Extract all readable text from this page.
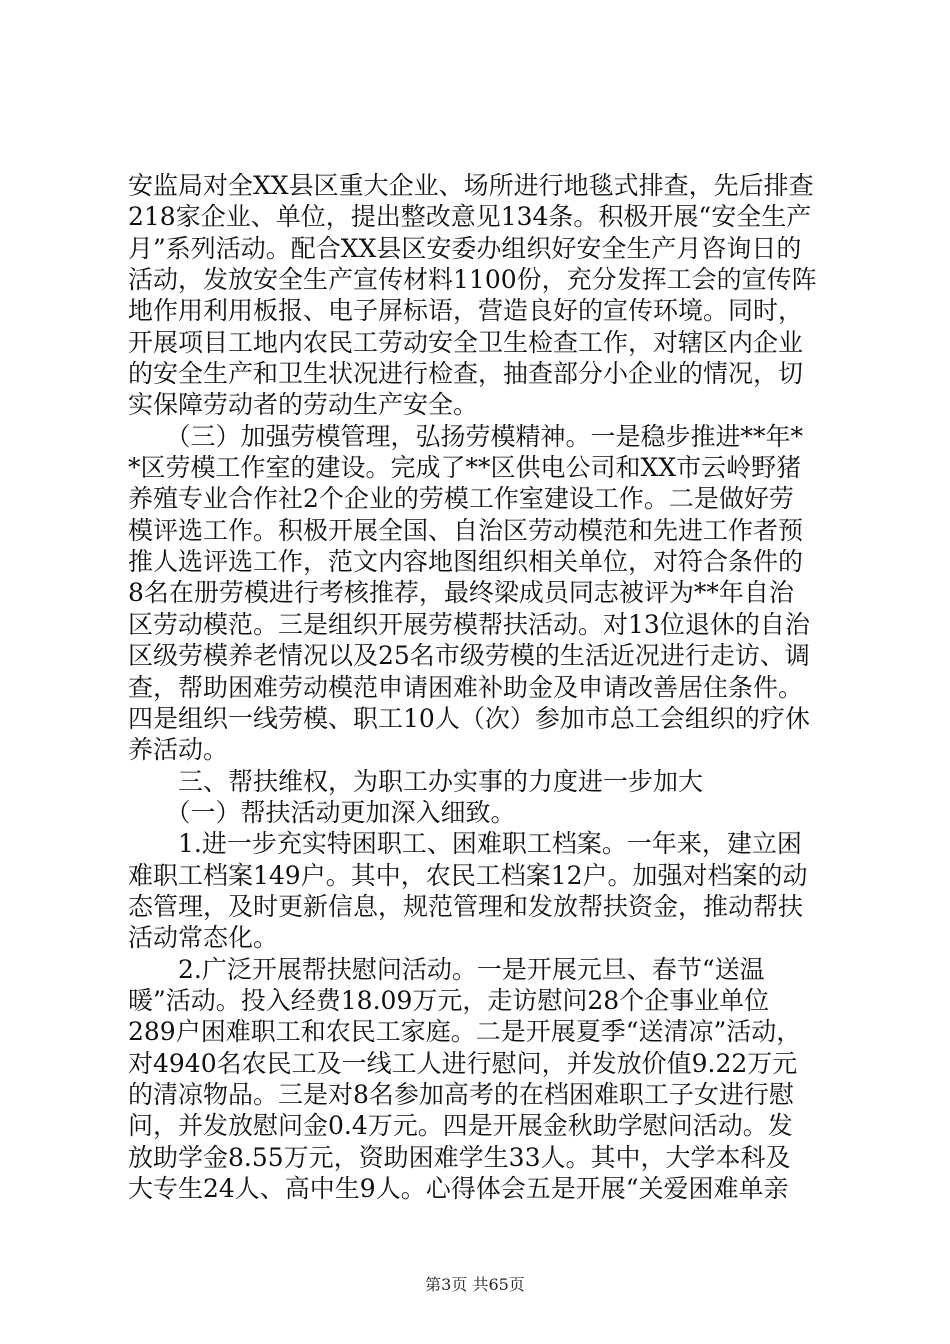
安监局对全XX县区重大企业、场所进行地毯式排查，先后排查
218家企业、单位，提出整改意见134条。积极开展“安全生产
月”系列活动。配合XX县区安委办组织好安全生产月咨询日的
活动，发放安全生产宣传材料1100份，充分发挥工会的宣传阵
地作用利用板报、电子屏标语，营造良好的宣传环境。同时，
开展项目工地内农民工劳动安全卫生检查工作，对辖区内企业
的安全生产和卫生状况进行检查，抽查部分小企业的情况，切
实保障劳动者的劳动生产安全。
　　（三）加强劳模管理，弘扬劳模精神。一是稳步推进**年*
*区劳模工作室的建设。完成了**区供电公司和XX市云岭野猪
养殖专业合作社2个企业的劳模工作室建设工作。二是做好劳
模评选工作。积极开展全国、自治区劳动模范和先进工作者预
推人选评选工作，范文内容地图组织相关单位，对符合条件的
8名在册劳模进行考核推荐，最终梁成员同志被评为**年自治
区劳动模范。三是组织开展劳模帮扶活动。对13位退休的自治
区级劳模养老情况以及25名市级劳模的生活近况进行走访、调
查，帮助困难劳动模范申请困难补助金及申请改善居住条件。
四是组织一线劳模、职工10人（次）参加市总工会组织的疗休
养活动。
　　三、帮扶维权，为职工办实事的力度进一步加大
　　（一）帮扶活动更加深入细致。
　　1.进一步充实特困职工、困难职工档案。一年来，建立困
难职工档案149户。其中，农民工档案12户。加强对档案的动
态管理，及时更新信息，规范管理和发放帮扶资金，推动帮扶
活动常态化。
　　2.广泛开展帮扶慰问活动。一是开展元旦、春节“送温
暖”活动。投入经费18.09万元，走访慰问28个企事业单位
289户困难职工和农民工家庭。二是开展夏季“送清凉”活动，
对4940名农民工及一线工人进行慰问，并发放价值9.22万元
的清凉物品。三是对8名参加高考的在档困难职工子女进行慰
问，并发放慰问金0.4万元。四是开展金秋助学慰问活动。发
放助学金8.55万元，资助困难学生33人。其中，大学本科及
大专生24人、高中生9人。心得体会五是开展“关爱困难单亲
第3页 共65页
